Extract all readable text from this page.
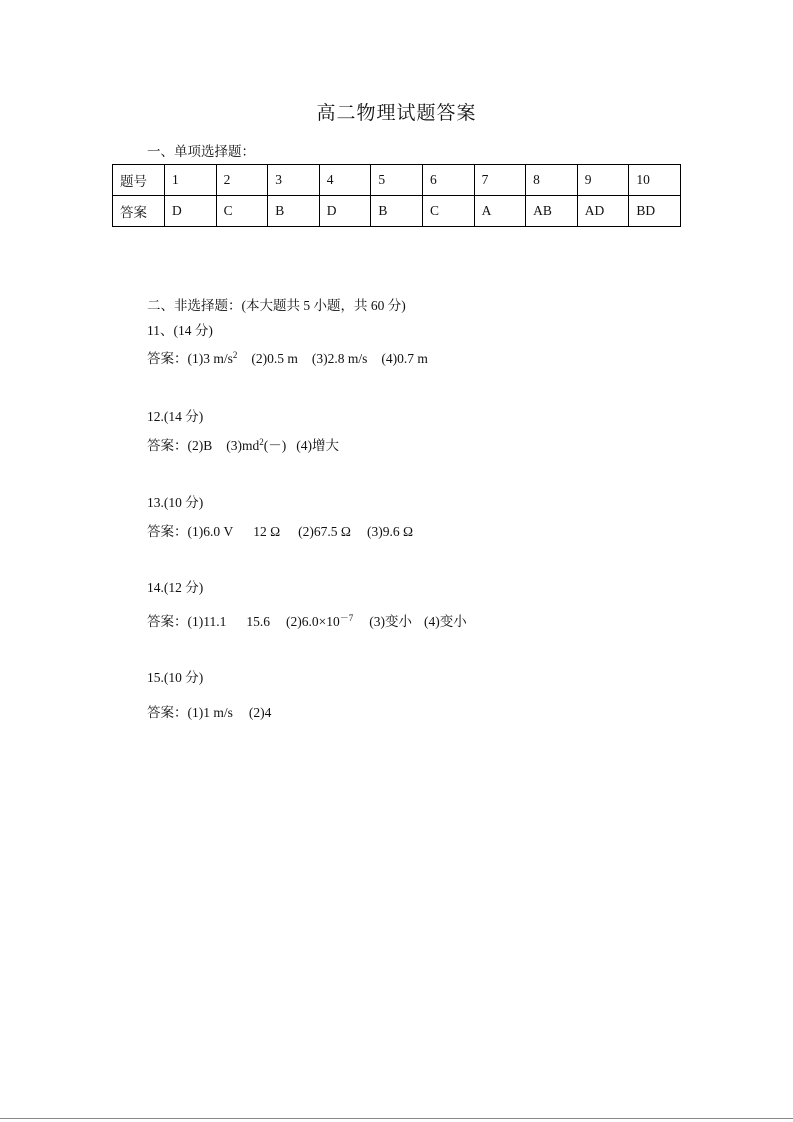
高二物理试题答案
一、单项选择题：
题号	1	2	3	4	5	6	7	8	9	10
答案	D	C	B	D	B	C	A	AB	AD	BD
二、非选择题：(本大题共 5 小题，共 60 分)
11、(14 分)
答案：(1)3 $m/s^2$ (2)0.5 m (3)2.8 m/s (4)0.7 m
12.(14 分)
答案：(2)B $(3)md^2(-)$ (4)增大
13.(10 分)
答案：(1)6.0 V 12 Ω (2)67.5 Ω (3)9.6 Ω
14.(12 分)
答案：(1)11.1 15.6 $(2)6.0\times 10^{-7}$ (3)变小 (4)变小
15.(10 分)
答案：(1)1 m/s (2)4
